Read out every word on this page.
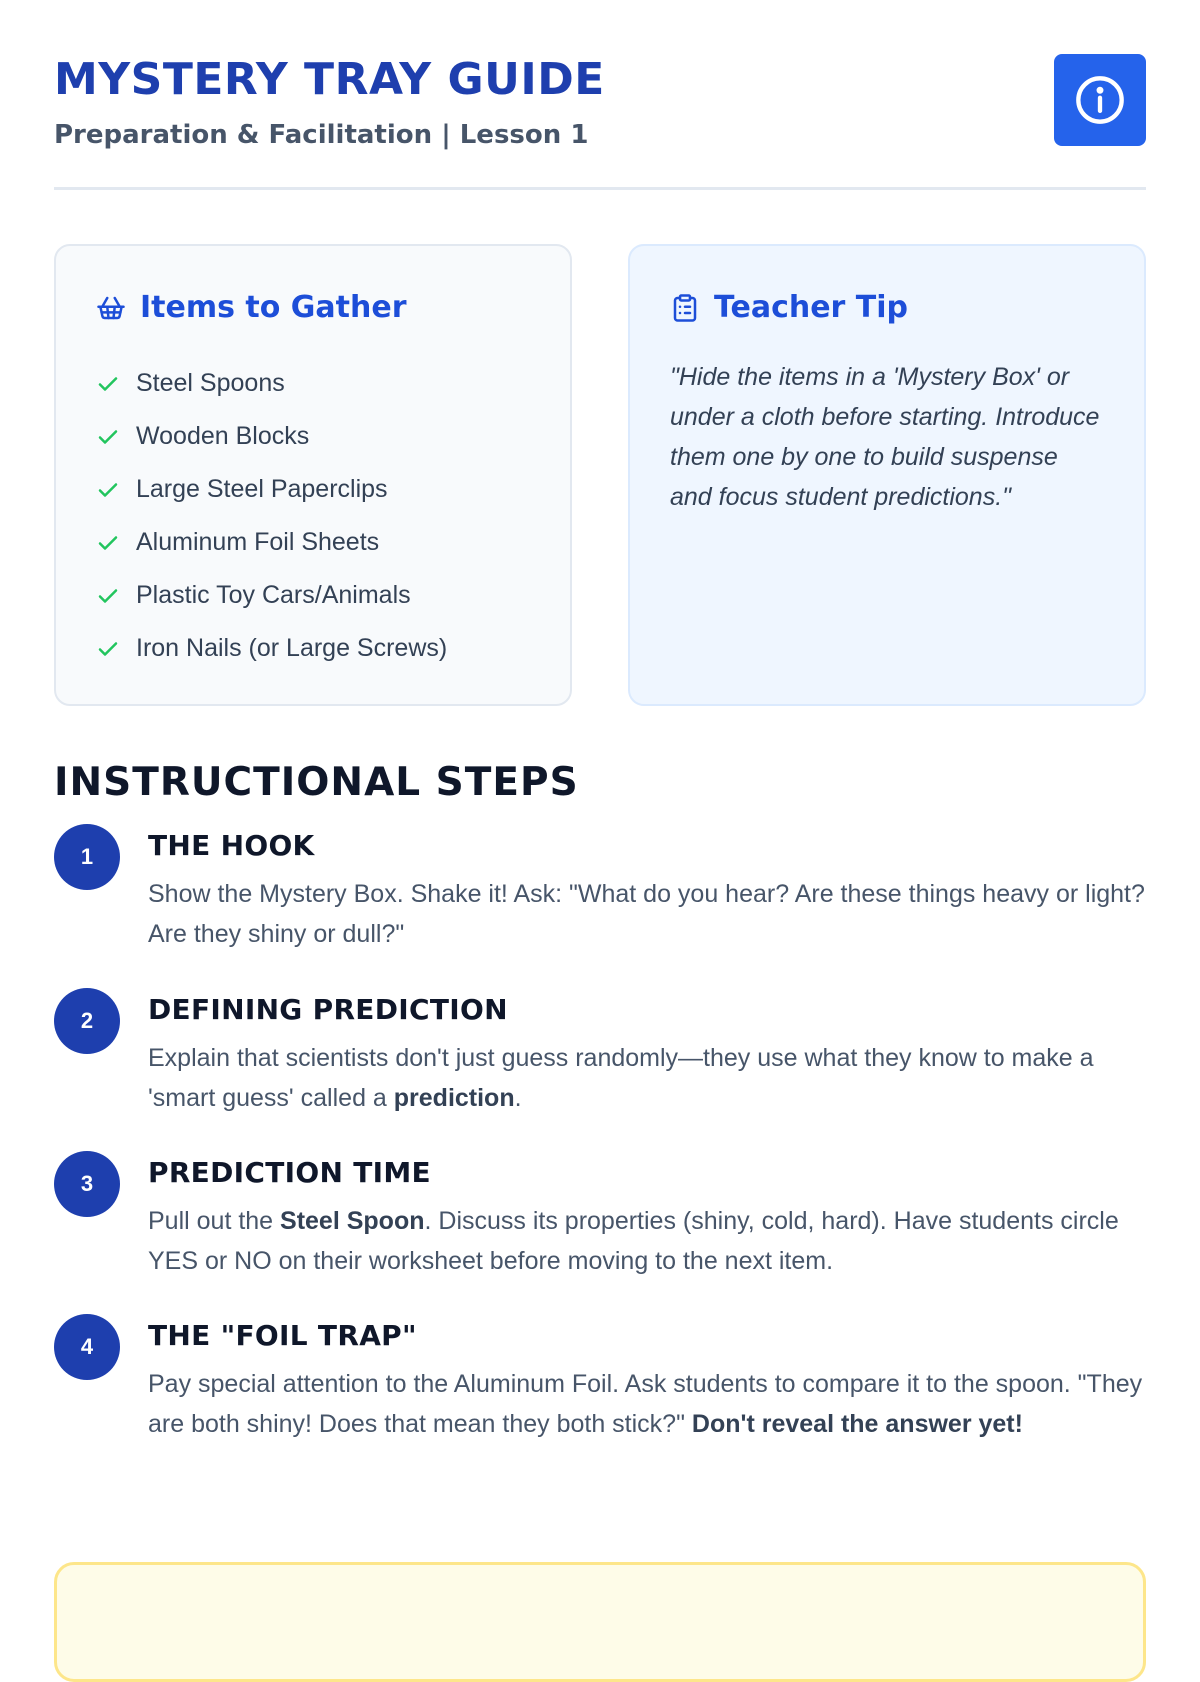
MYSTERY TRAY GUIDE
Preparation & Facilitation | Lesson 1
Items to Gather
Steel Spoons
Wooden Blocks
Large Steel Paperclips
Aluminum Foil Sheets
Plastic Toy Cars/Animals
Iron Nails (or Large Screws)
Teacher Tip

"Hide the items in a 'Mystery Box' or under a cloth before starting. Introduce them one by one to build suspense and focus student predictions."

INSTRUCTIONAL STEPS
1	THE HOOK
Show the Mystery Box. Shake it! Ask: "What do you hear? Are these things heavy or light? Are they shiny or dull?"
2	DEFINING PREDICTION
Explain that scientists don't just guess randomly—they use what they know to make a 'smart guess' called a prediction.
3	PREDICTION TIME
Pull out the Steel Spoon. Discuss its properties (shiny, cold, hard). Have students circle YES or NO on their worksheet before moving to the next item.
4	THE "FOIL TRAP"
Pay special attention to the Aluminum Foil. Ask students to compare it to the spoon. "They are both shiny! Does that mean they both stick?" Don't reveal the answer yet!
